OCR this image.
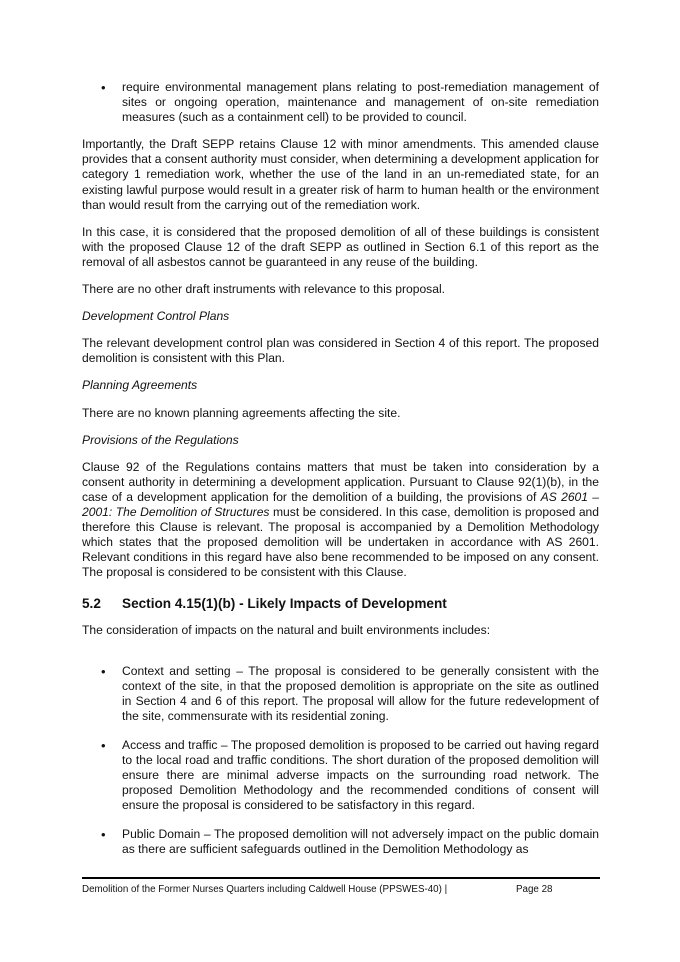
• require environmental management plans relating to post-remediation management of sites or ongoing operation, maintenance and management of on-site remediation measures (such as a containment cell) to be provided to council.

Importantly, the Draft SEPP retains Clause 12 with minor amendments. This amended clause provides that a consent authority must consider, when determining a development application for category 1 remediation work, whether the use of the land in an un-remediated state, for an existing lawful purpose would result in a greater risk of harm to human health or the environment than would result from the carrying out of the remediation work.

In this case, it is considered that the proposed demolition of all of these buildings is consistent with the proposed Clause 12 of the draft SEPP as outlined in Section 6.1 of this report as the removal of all asbestos cannot be guaranteed in any reuse of the building.

There are no other draft instruments with relevance to this proposal.

Development Control Plans

The relevant development control plan was considered in Section 4 of this report. The proposed demolition is consistent with this Plan.

Planning Agreements

There are no known planning agreements affecting the site.

Provisions of the Regulations

Clause 92 of the Regulations contains matters that must be taken into consideration by a consent authority in determining a development application. Pursuant to Clause 92(1)(b), in the case of a development application for the demolition of a building, the provisions of AS 2601 – 2001: The Demolition of Structures must be considered. In this case, demolition is proposed and therefore this Clause is relevant. The proposal is accompanied by a Demolition Methodology which states that the proposed demolition will be undertaken in accordance with AS 2601. Relevant conditions in this regard have also bene recommended to be imposed on any consent. The proposal is considered to be consistent with this Clause.

5.2	Section 4.15(1)(b) - Likely Impacts of Development

The consideration of impacts on the natural and built environments includes:

• Context and setting – The proposal is considered to be generally consistent with the context of the site, in that the proposed demolition is appropriate on the site as outlined in Section 4 and 6 of this report. The proposal will allow for the future redevelopment of the site, commensurate with its residential zoning.
• Access and traffic – The proposed demolition is proposed to be carried out having regard to the local road and traffic conditions. The short duration of the proposed demolition will ensure there are minimal adverse impacts on the surrounding road network. The proposed Demolition Methodology and the recommended conditions of consent will ensure the proposal is considered to be satisfactory in this regard.
• Public Domain – The proposed demolition will not adversely impact on the public domain as there are sufficient safeguards outlined in the Demolition Methodology as
Demolition of the Former Nurses Quarters including Caldwell House (PPSWES-40) |	Page 28
